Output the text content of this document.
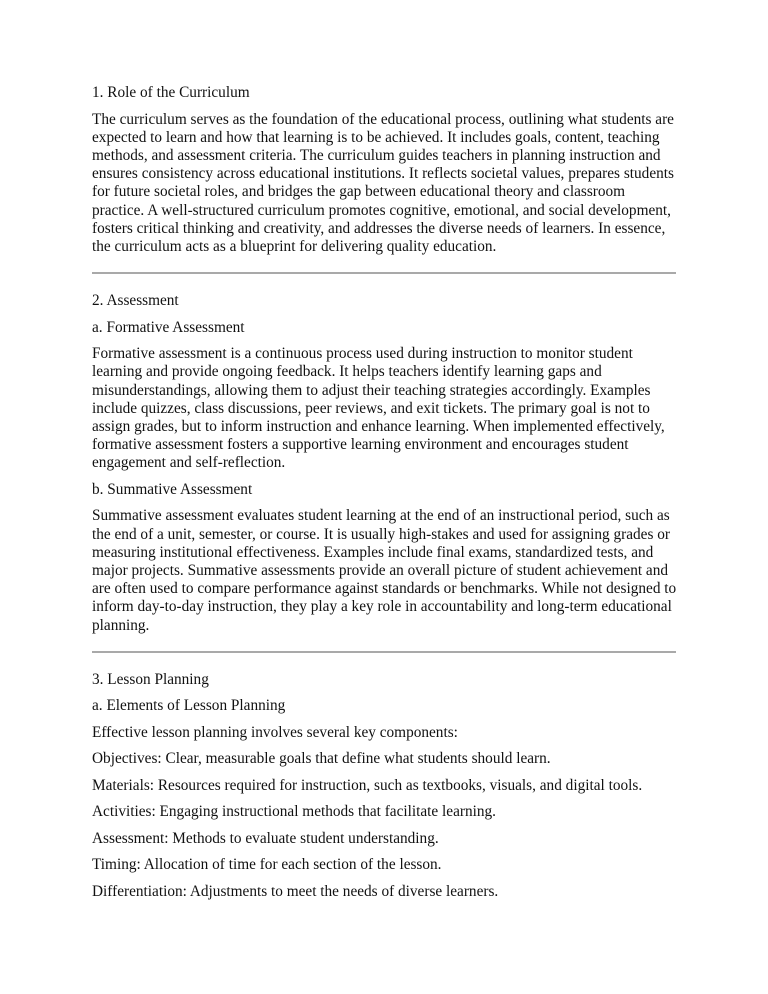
1. Role of the Curriculum

The curriculum serves as the foundation of the educational process, outlining what students are expected to learn and how that learning is to be achieved. It includes goals, content, teaching methods, and assessment criteria. The curriculum guides teachers in planning instruction and ensures consistency across educational institutions. It reflects societal values, prepares students for future societal roles, and bridges the gap between educational theory and classroom practice. A well-structured curriculum promotes cognitive, emotional, and social development, fosters critical thinking and creativity, and addresses the diverse needs of learners. In essence, the curriculum acts as a blueprint for delivering quality education.

2. Assessment

a. Formative Assessment

Formative assessment is a continuous process used during instruction to monitor student learning and provide ongoing feedback. It helps teachers identify learning gaps and misunderstandings, allowing them to adjust their teaching strategies accordingly. Examples include quizzes, class discussions, peer reviews, and exit tickets. The primary goal is not to assign grades, but to inform instruction and enhance learning. When implemented effectively, formative assessment fosters a supportive learning environment and encourages student engagement and self-reflection.

b. Summative Assessment

Summative assessment evaluates student learning at the end of an instructional period, such as the end of a unit, semester, or course. It is usually high-stakes and used for assigning grades or measuring institutional effectiveness. Examples include final exams, standardized tests, and major projects. Summative assessments provide an overall picture of student achievement and are often used to compare performance against standards or benchmarks. While not designed to inform day-to-day instruction, they play a key role in accountability and long-term educational planning.

3. Lesson Planning

a. Elements of Lesson Planning

Effective lesson planning involves several key components:

Objectives: Clear, measurable goals that define what students should learn.

Materials: Resources required for instruction, such as textbooks, visuals, and digital tools.

Activities: Engaging instructional methods that facilitate learning.

Assessment: Methods to evaluate student understanding.

Timing: Allocation of time for each section of the lesson.

Differentiation: Adjustments to meet the needs of diverse learners.
